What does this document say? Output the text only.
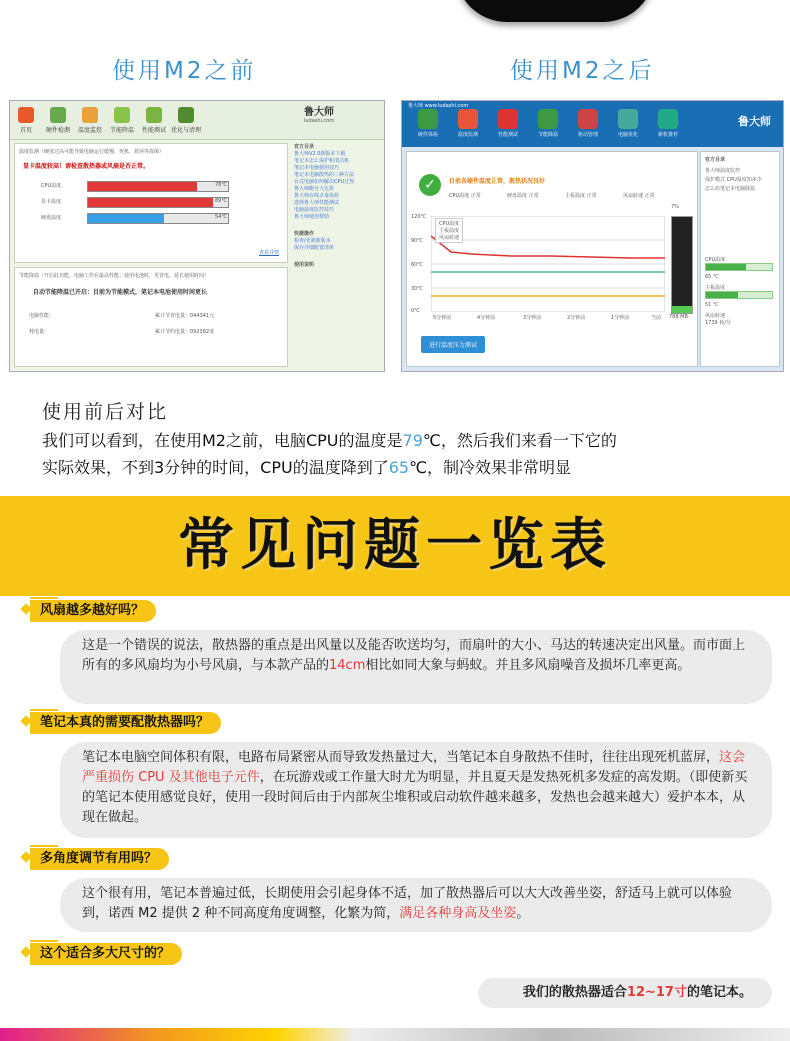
使用M2之前	使用M2之后
首页	硬件检测	温度监控	节能降温	性能测试 优化与清理
鲁大师
ludashi.com
温度监测（硬度过高可能导致电脑运行缓慢、死机、蓝屏等故障）
显卡温度较高！请检查散热器或风扇是否正常。
CPU温度	78℃
显卡温度	89℃
硬盘温度	54℃
查看详情
节能降温（开启此功能，电脑工作在最高性能；使用电池时，更省电，延长使用时间）
自动节能降温已开启：目前为节能模式，笔记本电池使用时间更长
电脑性能：	累计节省电量：044341元
耗电量：	累计节约电量：092382度
官方目录
鲁大师V2.0新版本下载
笔记本怎么保护和清洁机
笔记本电脑使用技巧
笔记本电脑散热的三种方法
台式电脑如何解决CPU过热
鲁大师跑分大比拼
鲁大师在线杀毒体验
选择鲁大师性能测试
电脑温度监控技巧
鲁大师使用帮助
快捷操作
检查/更新新版本
保存详细配置清单
使用说明
鲁大师 www.ludashi.com
硬件体检	温度监测	性能测试	节能降温	驱动管理	电脑优化	新机推荐
鲁大师
✓	目前各硬件温度正常，散热状况良好
CPU温度 正常	硬盘温度 正常	主板温度 正常	风扇转速 正常
120℃
90℃
60℃
30℃
0℃
CPU温度
主板温度
风扇转速
5分钟前	4分钟前	3分钟前	2分钟前	1分钟前	当前
7%
788 MB
进行温度压力测试
官方目录
鲁大师温度监控
保护模式 CPU温度知多少
怎么给笔记本电脑降温
CPU温度
65 ℃
主板温度
51 ℃
风扇转速
1739 转/分
使用前后对比
我们可以看到，在使用M2之前，电脑CPU的温度是79℃，然后我们来看一下它的
实际效果，不到3分钟的时间，CPU的温度降到了65℃，制冷效果非常明显
常见问题一览表
风扇越多越好吗？
这是一个错误的说法，散热器的重点是出风量以及能否吹送均匀，而扇叶的大小、马达的转速决定出风量。而市面上所有的多风扇均为小号风扇，与本款产品的14cm相比如同大象与蚂蚁。并且多风扇噪音及损坏几率更高。
笔记本真的需要配散热器吗？
笔记本电脑空间体积有限，电路布局紧密从而导致发热量过大，当笔记本自身散热不佳时，往往出现死机蓝屏，这会严重损伤 CPU 及其他电子元件，在玩游戏或工作量大时尤为明显，并且夏天是发热死机多发症的高发期。（即使新买的笔记本使用感觉良好，使用一段时间后由于内部灰尘堆积或启动软件越来越多，发热也会越来越大）爱护本本，从现在做起。
多角度调节有用吗？
这个很有用，笔记本普遍过低，长期使用会引起身体不适，加了散热器后可以大大改善坐姿，舒适马上就可以体验到，诺西 M2 提供 2 种不同高度角度调整，化繁为简，满足各种身高及坐姿。
这个适合多大尺寸的？
我们的散热器适合12~17寸的笔记本。
